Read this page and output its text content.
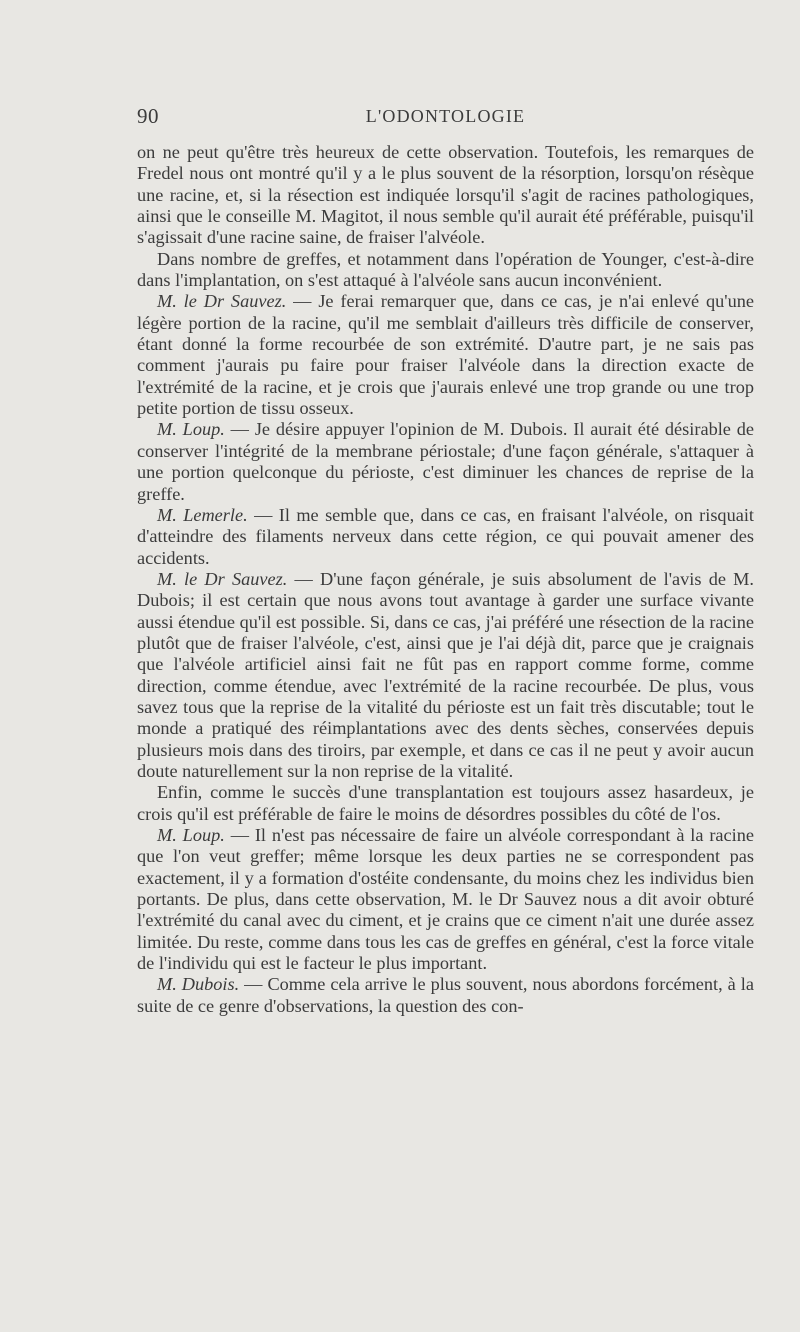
90	L'ODONTOLOGIE

on ne peut qu'être très heureux de cette observation. Toutefois, les remarques de Fredel nous ont montré qu'il y a le plus souvent de la résorption, lorsqu'on résèque une racine, et, si la résection est indiquée lorsqu'il s'agit de racines pathologiques, ainsi que le conseille M. Magitot, il nous semble qu'il aurait été préférable, puisqu'il s'agissait d'une racine saine, de fraiser l'alvéole.

Dans nombre de greffes, et notamment dans l'opération de Younger, c'est-à-dire dans l'implantation, on s'est attaqué à l'alvéole sans aucun inconvénient.

M. le Dr Sauvez. — Je ferai remarquer que, dans ce cas, je n'ai enlevé qu'une légère portion de la racine, qu'il me semblait d'ailleurs très difficile de conserver, étant donné la forme recourbée de son extrémité. D'autre part, je ne sais pas comment j'aurais pu faire pour fraiser l'alvéole dans la direction exacte de l'extrémité de la racine, et je crois que j'aurais enlevé une trop grande ou une trop petite portion de tissu osseux.

M. Loup. — Je désire appuyer l'opinion de M. Dubois. Il aurait été désirable de conserver l'intégrité de la membrane périostale; d'une façon générale, s'attaquer à une portion quelconque du périoste, c'est diminuer les chances de reprise de la greffe.

M. Lemerle. — Il me semble que, dans ce cas, en fraisant l'alvéole, on risquait d'atteindre des filaments nerveux dans cette région, ce qui pouvait amener des accidents.

M. le Dr Sauvez. — D'une façon générale, je suis absolument de l'avis de M. Dubois; il est certain que nous avons tout avantage à garder une surface vivante aussi étendue qu'il est possible. Si, dans ce cas, j'ai préféré une résection de la racine plutôt que de fraiser l'alvéole, c'est, ainsi que je l'ai déjà dit, parce que je craignais que l'alvéole artificiel ainsi fait ne fût pas en rapport comme forme, comme direction, comme étendue, avec l'extrémité de la racine recourbée. De plus, vous savez tous que la reprise de la vitalité du périoste est un fait très discutable; tout le monde a pratiqué des réimplantations avec des dents sèches, conservées depuis plusieurs mois dans des tiroirs, par exemple, et dans ce cas il ne peut y avoir aucun doute naturellement sur la non reprise de la vitalité.

Enfin, comme le succès d'une transplantation est toujours assez hasardeux, je crois qu'il est préférable de faire le moins de désordres possibles du côté de l'os.

M. Loup. — Il n'est pas nécessaire de faire un alvéole correspondant à la racine que l'on veut greffer; même lorsque les deux parties ne se correspondent pas exactement, il y a formation d'ostéite condensante, du moins chez les individus bien portants. De plus, dans cette observation, M. le Dr Sauvez nous a dit avoir obturé l'extrémité du canal avec du ciment, et je crains que ce ciment n'ait une durée assez limitée. Du reste, comme dans tous les cas de greffes en général, c'est la force vitale de l'individu qui est le facteur le plus important.

M. Dubois. — Comme cela arrive le plus souvent, nous abordons forcément, à la suite de ce genre d'observations, la question des con-
